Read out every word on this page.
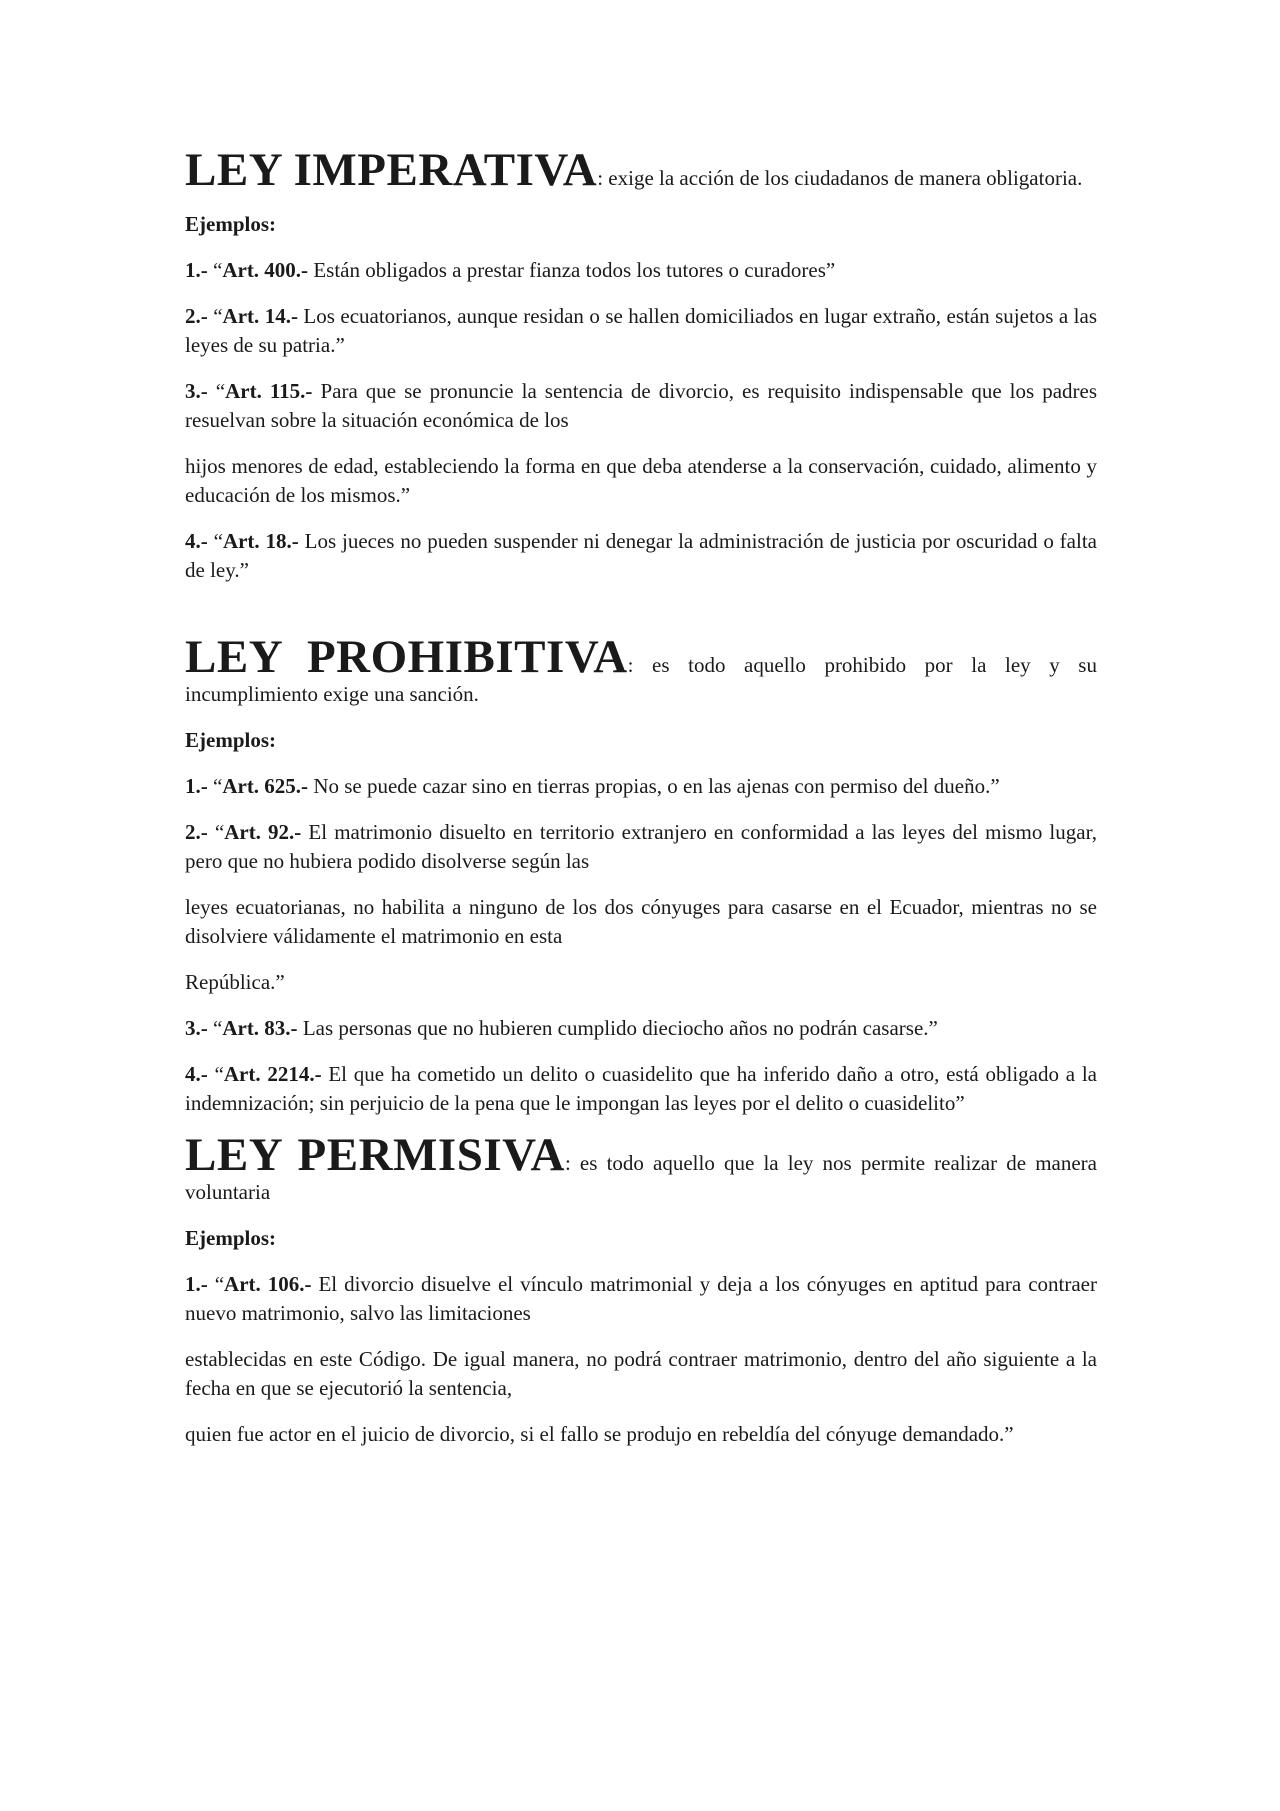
LEY IMPERATIVA: exige la acción de los ciudadanos de manera obligatoria.

Ejemplos:

1.- “Art. 400.- Están obligados a prestar fianza todos los tutores o curadores”

2.- “Art. 14.- Los ecuatorianos, aunque residan o se hallen domiciliados en lugar extraño, están sujetos a las leyes de su patria.”

3.- “Art. 115.- Para que se pronuncie la sentencia de divorcio, es requisito indispensable que los padres resuelvan sobre la situación económica de los

hijos menores de edad, estableciendo la forma en que deba atenderse a la conservación, cuidado, alimento y educación de los mismos.”

4.- “Art. 18.- Los jueces no pueden suspender ni denegar la administración de justicia por oscuridad o falta de ley.”

LEY PROHIBITIVA: es todo aquello prohibido por la ley y su incumplimiento exige una sanción.

Ejemplos:

1.- “Art. 625.- No se puede cazar sino en tierras propias, o en las ajenas con permiso del dueño.”

2.- “Art. 92.- El matrimonio disuelto en territorio extranjero en conformidad a las leyes del mismo lugar, pero que no hubiera podido disolverse según las

leyes ecuatorianas, no habilita a ninguno de los dos cónyuges para casarse en el Ecuador, mientras no se disolviere válidamente el matrimonio en esta

República.”

3.- “Art. 83.- Las personas que no hubieren cumplido dieciocho años no podrán casarse.”

4.- “Art. 2214.- El que ha cometido un delito o cuasidelito que ha inferido daño a otro, está obligado a la indemnización; sin perjuicio de la pena que le impongan las leyes por el delito o cuasidelito”

LEY PERMISIVA: es todo aquello que la ley nos permite realizar de manera voluntaria

Ejemplos:

1.- “Art. 106.- El divorcio disuelve el vínculo matrimonial y deja a los cónyuges en aptitud para contraer nuevo matrimonio, salvo las limitaciones

establecidas en este Código. De igual manera, no podrá contraer matrimonio, dentro del año siguiente a la fecha en que se ejecutorió la sentencia,

quien fue actor en el juicio de divorcio, si el fallo se produjo en rebeldía del cónyuge demandado.”
